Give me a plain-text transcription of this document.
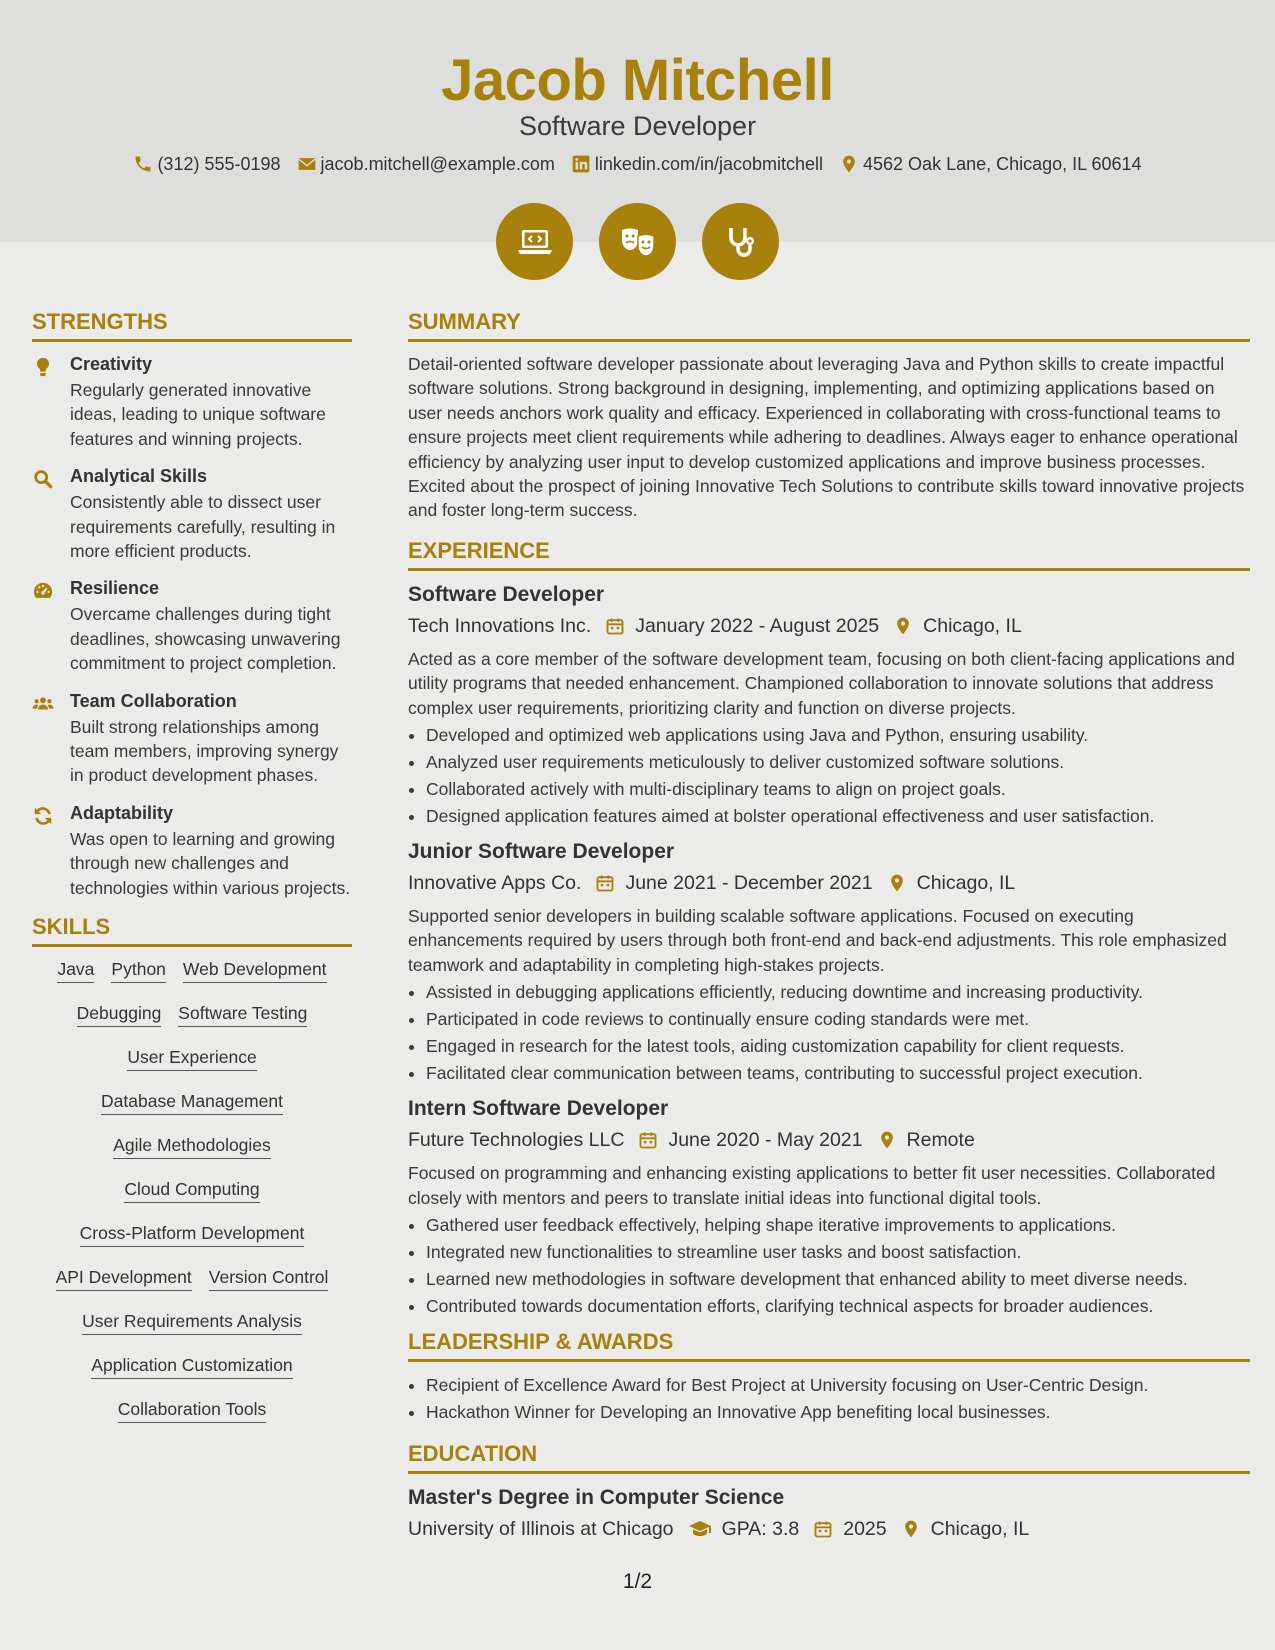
Jacob Mitchell
Software Developer
(312) 555-0198 jacob.mitchell@example.com linkedin.com/in/jacobmitchell 4562 Oak Lane, Chicago, IL 60614
STRENGTHS
Creativity
Regularly generated innovative ideas, leading to unique software features and winning projects.
Analytical Skills
Consistently able to dissect user requirements carefully, resulting in more efficient products.
Resilience
Overcame challenges during tight deadlines, showcasing unwavering commitment to project completion.
Team Collaboration
Built strong relationships among team members, improving synergy in product development phases.
Adaptability
Was open to learning and growing through new challenges and technologies within various projects.
SKILLS
Java Python Web Development
Debugging Software Testing
User Experience
Database Management
Agile Methodologies
Cloud Computing
Cross-Platform Development
API Development Version Control
User Requirements Analysis
Application Customization
Collaboration Tools
SUMMARY
Detail-oriented software developer passionate about leveraging Java and Python skills to create impactful software solutions. Strong background in designing, implementing, and optimizing applications based on user needs anchors work quality and efficacy. Experienced in collaborating with cross-functional teams to ensure projects meet client requirements while adhering to deadlines. Always eager to enhance operational efficiency by analyzing user input to develop customized applications and improve business processes. Excited about the prospect of joining Innovative Tech Solutions to contribute skills toward innovative projects and foster long-term success.
EXPERIENCE
Software Developer
Tech Innovations Inc. January 2022 - August 2025 Chicago, IL
Acted as a core member of the software development team, focusing on both client-facing applications and utility programs that needed enhancement. Championed collaboration to innovate solutions that address complex user requirements, prioritizing clarity and function on diverse projects.
• Developed and optimized web applications using Java and Python, ensuring usability.
• Analyzed user requirements meticulously to deliver customized software solutions.
• Collaborated actively with multi-disciplinary teams to align on project goals.
• Designed application features aimed at bolster operational effectiveness and user satisfaction.
Junior Software Developer
Innovative Apps Co. June 2021 - December 2021 Chicago, IL
Supported senior developers in building scalable software applications. Focused on executing enhancements required by users through both front-end and back-end adjustments. This role emphasized teamwork and adaptability in completing high-stakes projects.
• Assisted in debugging applications efficiently, reducing downtime and increasing productivity.
• Participated in code reviews to continually ensure coding standards were met.
• Engaged in research for the latest tools, aiding customization capability for client requests.
• Facilitated clear communication between teams, contributing to successful project execution.
Intern Software Developer
Future Technologies LLC June 2020 - May 2021 Remote
Focused on programming and enhancing existing applications to better fit user necessities. Collaborated closely with mentors and peers to translate initial ideas into functional digital tools.
• Gathered user feedback effectively, helping shape iterative improvements to applications.
• Integrated new functionalities to streamline user tasks and boost satisfaction.
• Learned new methodologies in software development that enhanced ability to meet diverse needs.
• Contributed towards documentation efforts, clarifying technical aspects for broader audiences.
LEADERSHIP & AWARDS
• Recipient of Excellence Award for Best Project at University focusing on User-Centric Design.
• Hackathon Winner for Developing an Innovative App benefiting local businesses.
EDUCATION
Master's Degree in Computer Science
University of Illinois at Chicago GPA: 3.8 2025 Chicago, IL
1/2
